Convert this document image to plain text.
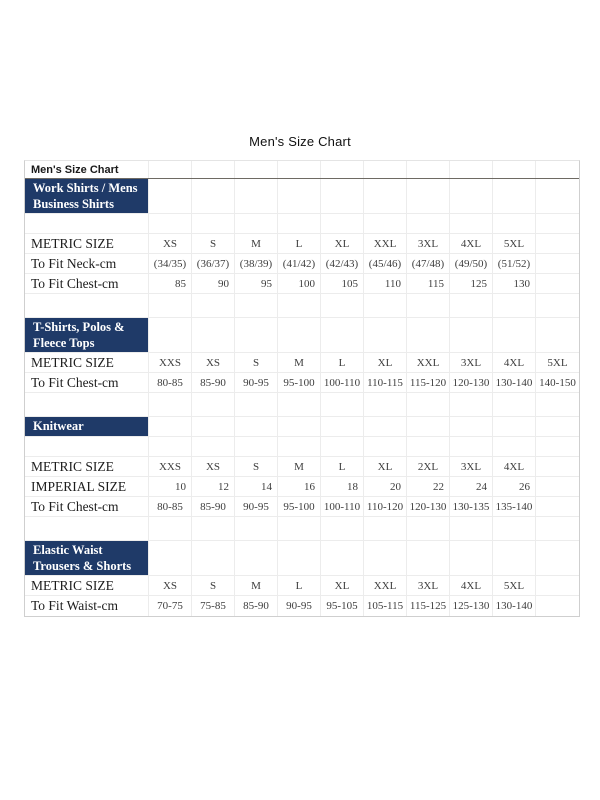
Men's Size Chart
Men's Size Chart
Work Shirts / Mens Business Shirts
METRIC SIZE	XS	S	M	L	XL	XXL	3XL	4XL	5XL
To Fit Neck-cm	(34/35) (36/37) (38/39) (41/42) (42/43) (45/46) (47/48) (49/50) (51/52)
To Fit Chest-cm	85	90	95	100	105	110	115	125	130
T-Shirts, Polos & Fleece Tops
METRIC SIZE	XXS	XS	S	M	L	XL	XXL	3XL	4XL	5XL
To Fit Chest-cm	80-85	85-90	90-95	95-100 100-110 110-115 115-120 120-130 130-140 140-150
Knitwear
METRIC SIZE	XXS	XS	S	M	L	XL	2XL	3XL	4XL
IMPERIAL SIZE	10	12	14	16	18	20	22	24	26
To Fit Chest-cm	80-85	85-90	90-95	95-100 100-110 110-120 120-130 130-135 135-140
Elastic Waist Trousers & Shorts
METRIC SIZE	XS	S	M	L	XL	XXL	3XL	4XL	5XL
To Fit Waist-cm	70-75	75-85	85-90	90-95	95-105 105-115 115-125 125-130 130-140
